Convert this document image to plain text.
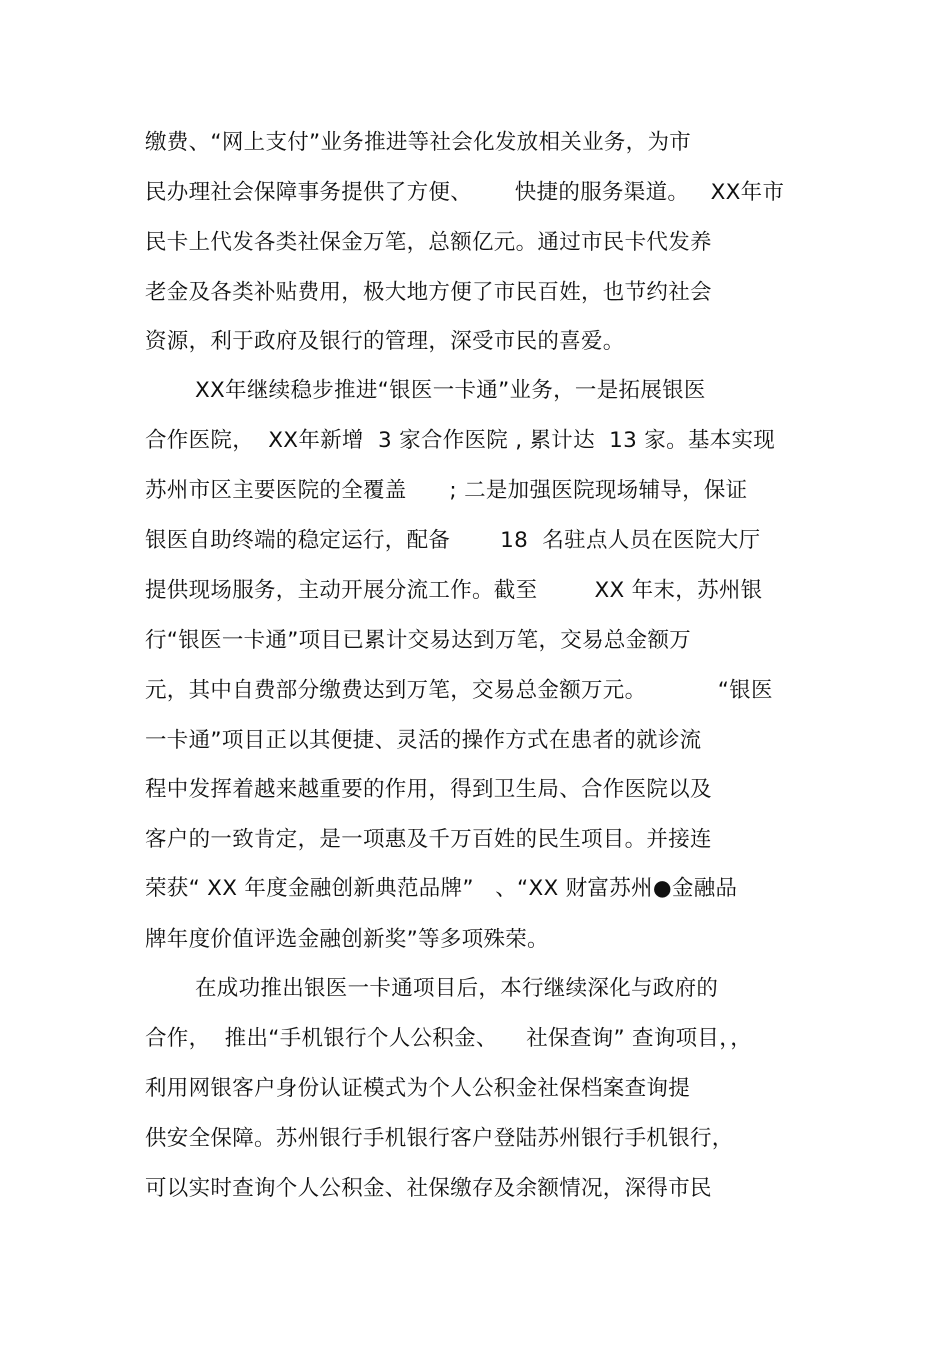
缴费、“网上支付”业务推进等社会化发放相关业务，为市
民办理社会保障事务提供了方便、      快捷的服务渠道。   XX年市
民卡上代发各类社保金万笔，总额亿元。通过市民卡代发养
老金及各类补贴费用，极大地方便了市民百姓，也节约社会
资源，利于政府及银行的管理，深受市民的喜爱。
XX年继续稳步推进“银医一卡通”业务，一是拓展银医
合作医院，  XX年新增  3 家合作医院 , 累计达  13 家。基本实现
苏州市区主要医院的全覆盖      ; 二是加强医院现场辅导，保证
银医自助终端的稳定运行，配备       18  名驻点人员在医院大厅
提供现场服务，主动开展分流工作。截至        XX 年末，苏州银
行“银医一卡通”项目已累计交易达到万笔，交易总金额万
元，其中自费部分缴费达到万笔，交易总金额万元。          “银医
一卡通”项目正以其便捷、灵活的操作方式在患者的就诊流
程中发挥着越来越重要的作用，得到卫生局、合作医院以及
客户的一致肯定，是一项惠及千万百姓的民生项目。并接连
荣获“ XX 年度金融创新典范品牌”   、“XX 财富苏州●金融品
牌年度价值评选金融创新奖”等多项殊荣。
在成功推出银医一卡通项目后，本行继续深化与政府的
合作，  推出“手机银行个人公积金、    社保查询” 查询项目，，
利用网银客户身份认证模式为个人公积金社保档案查询提
供安全保障。苏州银行手机银行客户登陆苏州银行手机银行，
可以实时查询个人公积金、社保缴存及余额情况，深得市民
